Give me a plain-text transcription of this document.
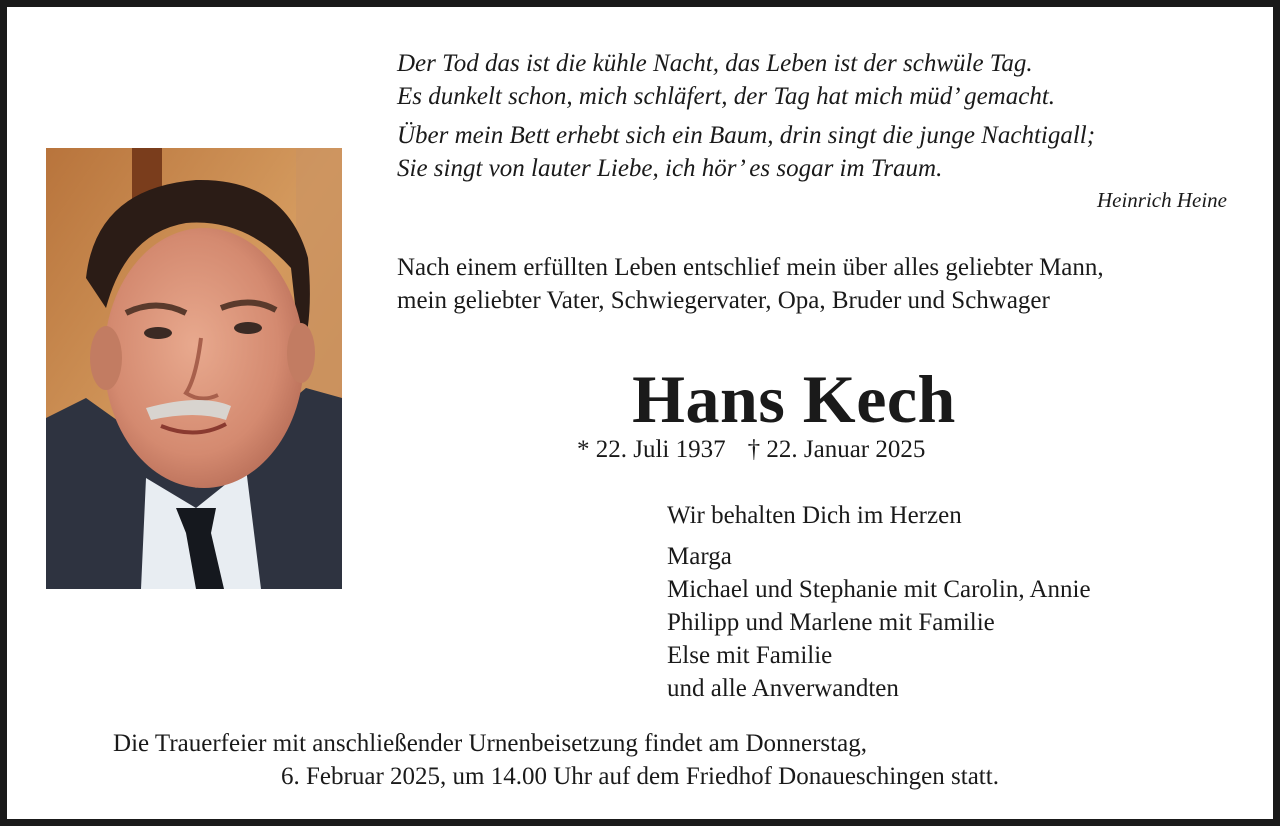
Der Tod das ist die kühle Nacht, das Leben ist der schwüle Tag.
Es dunkelt schon, mich schläfert, der Tag hat mich müd’ gemacht.

Über mein Bett erhebt sich ein Baum, drin singt die junge Nachtigall;
Sie singt von lauter Liebe, ich hör’ es sogar im Traum.
Heinrich Heine

Nach einem erfüllten Leben entschlief mein über alles geliebter Mann,
mein geliebter Vater, Schwiegervater, Opa, Bruder und Schwager
Hans Kech
* 22. Juli 1937 † 22. Januar 2025
Wir behalten Dich im Herzen
Marga
Michael und Stephanie mit Carolin, Annie
Philipp und Marlene mit Familie
Else mit Familie
und alle Anverwandten
Die Trauerfeier mit anschließender Urnenbeisetzung findet am Donnerstag,
6. Februar 2025, um 14.00 Uhr auf dem Friedhof Donaueschingen statt.
